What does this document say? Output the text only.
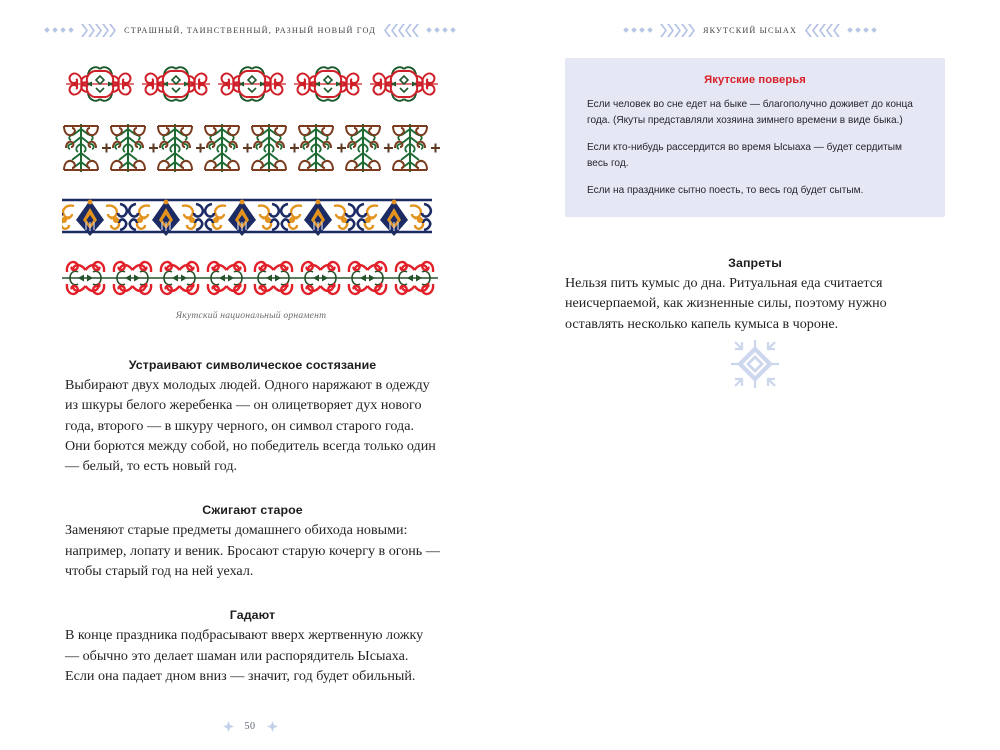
СТРАШНЫЙ, ТАИНСТВЕННЫЙ, РАЗНЫЙ НОВЫЙ ГОД
Якутский национальный орнамент
Устраивают символическое состязание

Выбирают двух молодых людей. Одного наряжают в одежду из шкуры белого жеребенка — он олицетворяет дух нового года, второго — в шкуру черного, он символ старого года. Они борются между собой, но победитель всегда только один — белый, то есть новый год.

Сжигают старое

Заменяют старые предметы домашнего обихода новыми: например, лопату и веник. Бросают старую кочергу в огонь — чтобы старый год на ней уехал.

Гадают

В конце праздника подбрасывают вверх жертвенную ложку — обычно это делает шаман или распорядитель Ысыаха. Если она падает дном вниз — значит, год будет обильный.

50
ЯКУТСКИЙ ЫСЫАХ
Якутские поверья

Если человек во сне едет на быке — благополучно доживет до конца года. (Якуты представляли хозяина зимнего времени в виде быка.)

Если кто-нибудь рассердится во время Ысыаха — будет сердитым весь год.

Если на празднике сытно поесть, то весь год будет сытым.

Запреты

Нельзя пить кумыс до дна. Ритуальная еда считается неисчерпаемой, как жизненные силы, поэтому нужно оставлять несколько капель кумыса в чороне.
